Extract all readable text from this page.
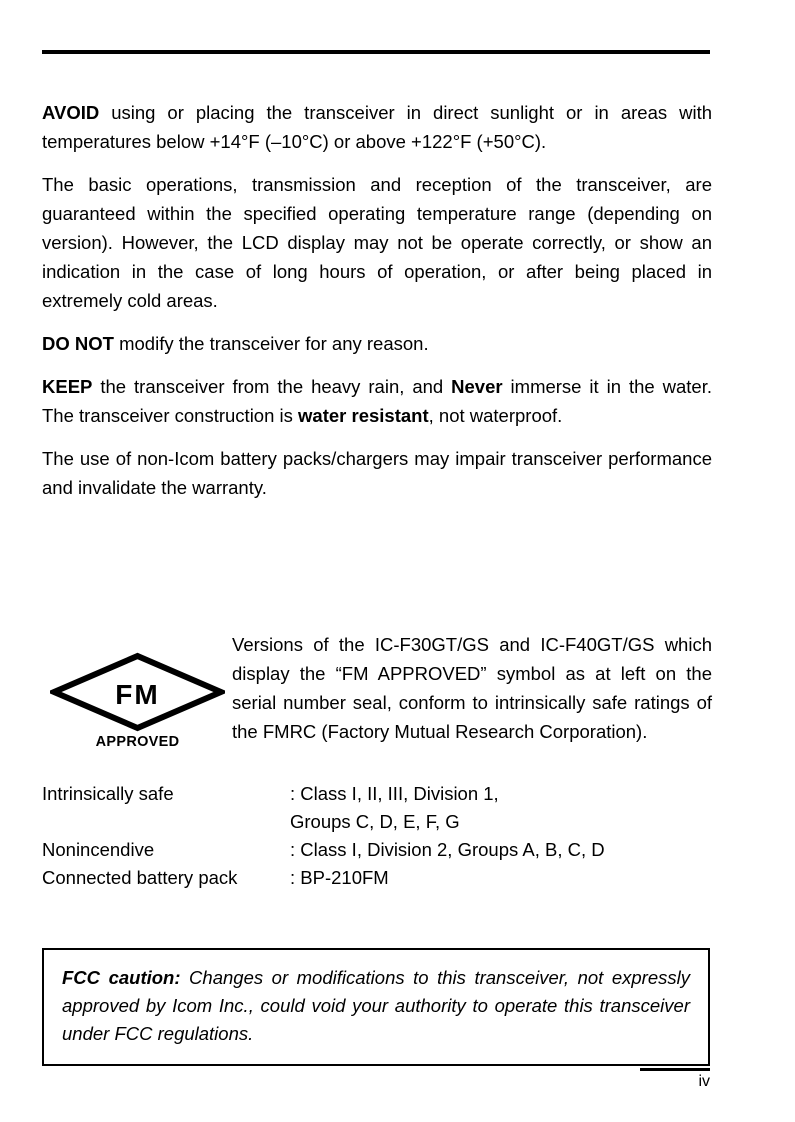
AVOID using or placing the transceiver in direct sunlight or in areas with temperatures below +14°F (–10°C) or above +122°F (+50°C).

The basic operations, transmission and reception of the transceiver, are guaranteed within the specified operating temperature range (depending on version). However, the LCD display may not be operate correctly, or show an indication in the case of long hours of operation, or after being placed in extremely cold areas.

DO NOT modify the transceiver for any reason.

KEEP the transceiver from the heavy rain, and Never immerse it in the water. The transceiver construction is water resistant, not waterproof.

The use of non-Icom battery packs/chargers may impair transceiver performance and invalidate the warranty.

FM
APPROVED
Versions of the IC-F30GT/GS and IC-F40GT/GS which display the “FM APPROVED” symbol as at left on the serial number seal, conform to intrinsically safe ratings of the FMRC (Factory Mutual Research Corporation).
Intrinsically safe	: Class I, II, III, Division 1,
Groups C, D, E, F, G
Nonincendive	: Class I, Division 2, Groups A, B, C, D
Connected battery pack	: BP-210FM
FCC caution: Changes or modifications to this transceiver, not expressly approved by Icom Inc., could void your authority to operate this transceiver under FCC regulations.
iv
